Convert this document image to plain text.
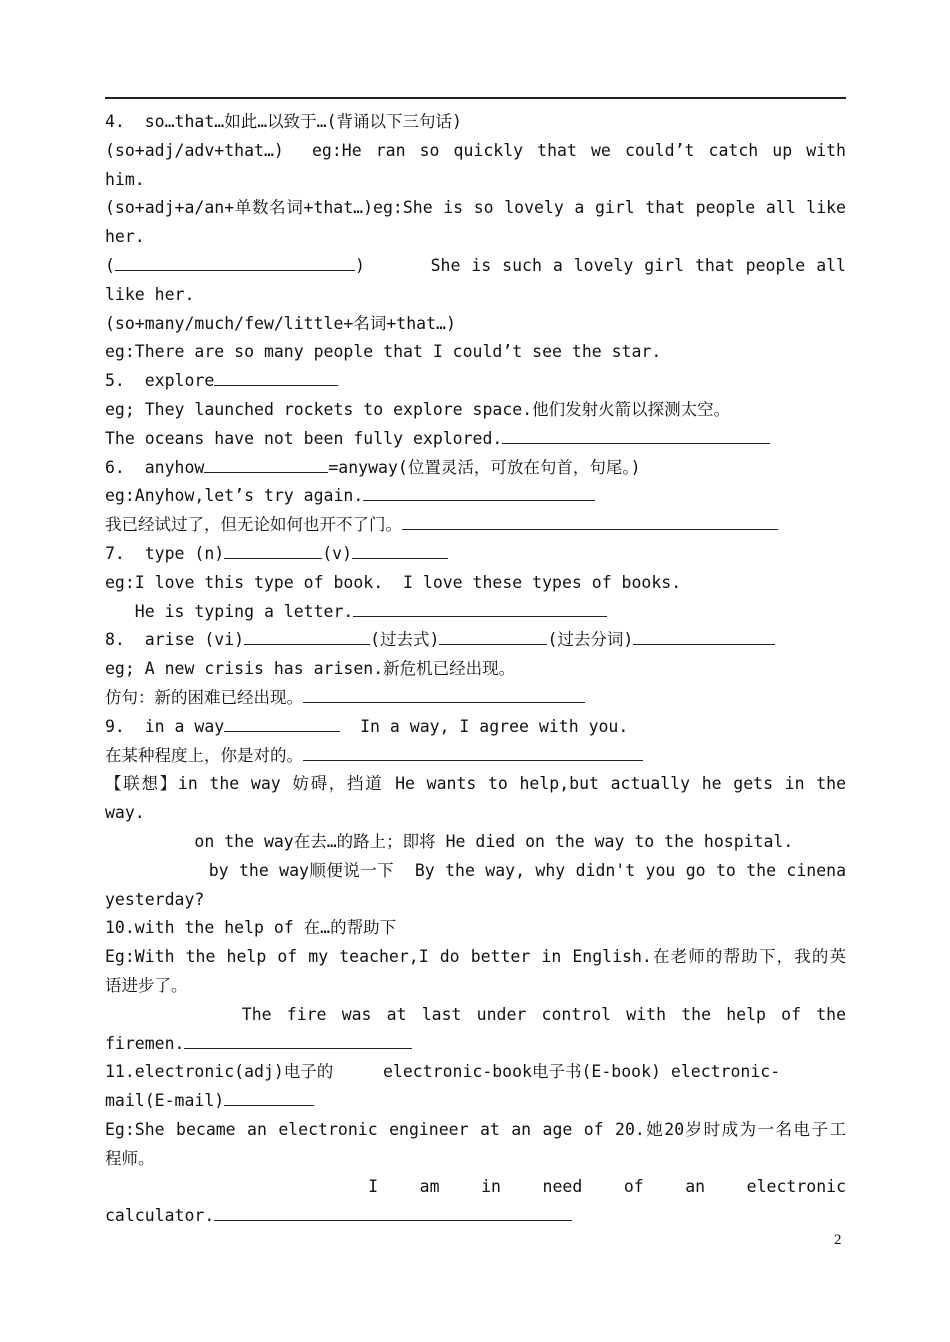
4.  so…that…如此…以致于…(背诵以下三句话)
(so+adj/adv+that…)  eg:He ran so quickly that we could’t catch up with
him.
(so+adj+a/an+单数名词+that…)eg:She is so lovely a girl that people all like
her.
(	)      She is such a lovely girl that people all
like her.
(so+many/much/few/little+名词+that…)
eg:There are so many people that I could’t see the star.
5.  explore
eg; They launched rockets to explore space.他们发射火箭以探测太空。
The oceans have not been fully explored.
6.  anyhow	=anyway(位置灵活，可放在句首，句尾。)
eg:Anyhow,let’s try again.
我已经试过了，但无论如何也开不了门。
7.  type (n)	(v)
eg:I love this type of book.  I love these types of books.
He is typing a letter.
8.  arise (vi)	(过去式)	(过去分词)
eg; A new crisis has arisen.新危机已经出现。
仿句：新的困难已经出现。
9.  in a way	In a way, I agree with you.
在某种程度上，你是对的。
【联想】in the way 妨碍，挡道 He wants to help,but actually he gets in the
way.
on the way在去…的路上；即将 He died on the way to the hospital.
by the way顺便说一下  By the way, why didn't you go to the cinena
yesterday?
10.with the help of 在…的帮助下
Eg:With the help of my teacher,I do better in English.在老师的帮助下，我的英
语进步了。
The fire was at last under control with the help of the
firemen.
11.electronic(adj)电子的     electronic-book电子书(E-book) electronic-
mail(E-mail)
Eg:She became an electronic engineer at an age of 20.她20岁时成为一名电子工
程师。
I   am   in   need   of   an   electronic
calculator.
2
